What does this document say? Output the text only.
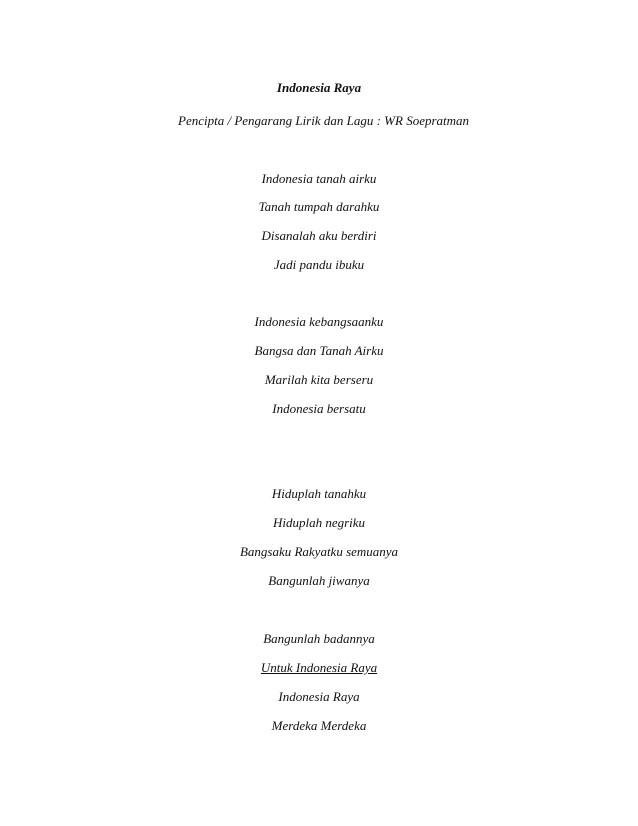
Indonesia Raya
Pencipta / Pengarang Lirik dan Lagu : WR Soepratman
Indonesia tanah airku
Tanah tumpah darahku
Disanalah aku berdiri
Jadi pandu ibuku
Indonesia kebangsaanku
Bangsa dan Tanah Airku
Marilah kita berseru
Indonesia bersatu
Hiduplah tanahku
Hiduplah negriku
Bangsaku Rakyatku semuanya
Bangunlah jiwanya
Bangunlah badannya
Untuk Indonesia Raya
Indonesia Raya
Merdeka Merdeka
